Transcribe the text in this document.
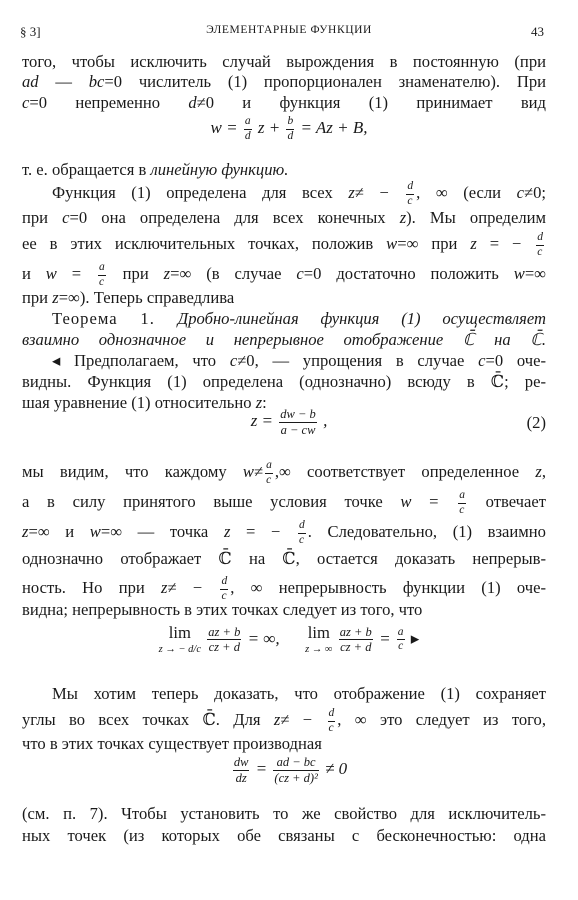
§ 3]	ЭЛЕМЕНТАРНЫЕ ФУНКЦИИ	43
того, чтобы исключить случай вырождения в постоянную (при
ad — bc=0 числитель (1) пропорционален знаменателю). При
c=0 непременно d≠0 и функция (1) принимает вид
$w = \frac{a}{d}$ $z + \frac{b}{d} = Az + B$,
т. е. обращается в линейную функцию.
Функция (1) определена для всех $z\ne - \frac{d}{c}$ , ∞ (если c≠0;
при c=0 она определена для всех конечных z). Мы определим
ее в этих исключительных точках, положив w=∞ при z = − $\frac{d}{c}$
и $w = \frac{a}{c}$ при z=∞ (в случае c=0 достаточно положить w=∞
при z=∞). Теперь справедлива
Теорема 1. Дробно-линейная функция (1) осуществляет
взаимно однозначное и непрерывное отображение ℂ̄ на ℂ̄.
◂ Предполагаем, что c≠0, — упрощения в случае c=0 оче-
видны. Функция (1) определена (однозначно) всюду в ℂ̄; ре-
шая уравнение (1) относительно z:
$z = \frac{dw - b}{a - cw}$ ,	(2)
мы видим, что каждому $w\ne \frac{a}{c}$ ,∞ соответствует определенное z,
а в силу принятого выше условия точке $w = \frac{a}{c}$ отвечает
z=∞ и w=∞ — точка z = − $\frac{d}{c}$ . Следовательно, (1) взаимно
однозначно отображает ℂ̄ на ℂ̄, остается доказать непрерыв-
ность. Но при $z\ne - \frac{d}{c}$ , ∞ непрерывность функции (1) оче-
видна; непрерывность в этих точках следует из того, что
lim
z → − d/c
$\frac{az + b}{cz + d}$ = ∞, lim
z → ∞
$\frac{az + b}{cz + d} = \frac{a}{c}$ ▸
Мы хотим теперь доказать, что отображение (1) сохраняет
углы во всех точках ℂ̄. Для $z\ne - \frac{d}{c}$ , ∞ это следует из того,
что в этих точках существует производная
$\frac{dw}{dz} = \frac{ad - bc}{\text{(cz + d)²}} \ne 0$
(см. п. 7). Чтобы установить то же свойство для исключитель-
ных точек (из которых обе связаны с бесконечностью: одна
